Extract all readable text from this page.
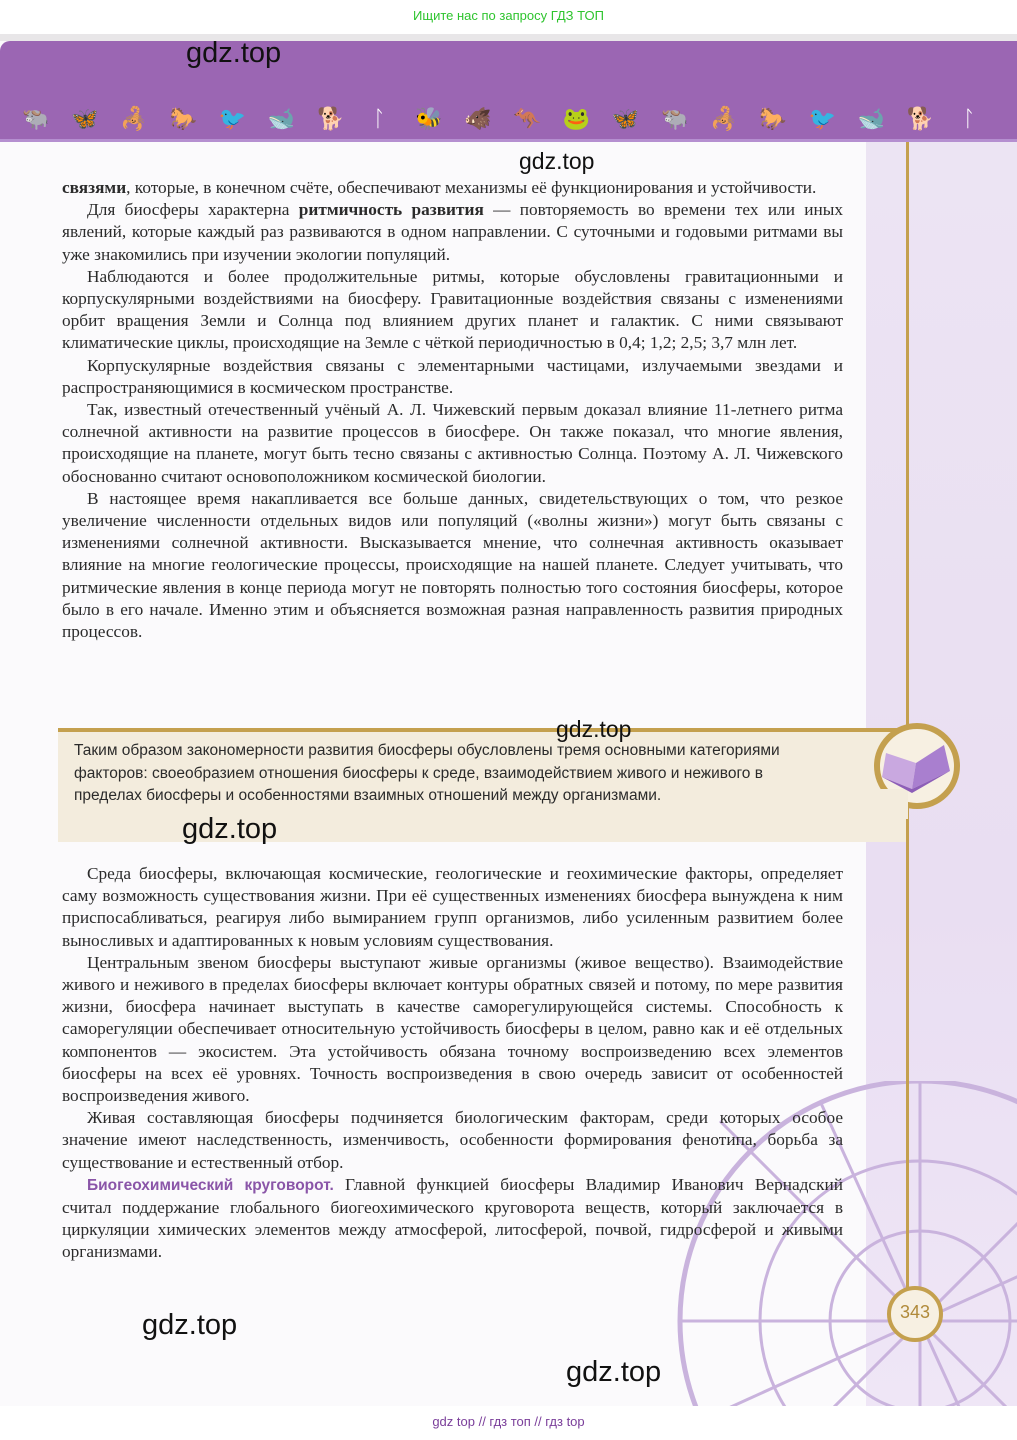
Ищите нас по запросу ГДЗ ТОП
🐃 🦋 🦂 🐎 🐦 🐋 🐕 ᛚ 🐝 🐗 🦘 🐸 🦋 🐃 🦂 🐎 🐦 🐋 🐕 ᛚ
gdz.top
gdz.top

связями, которые, в конечном счёте, обеспечивают механизмы её функционирования и устойчивости.

Для биосферы характерна ритмичность развития — повторяемость во времени тех или иных явлений, которые каждый раз развиваются в одном направлении. С суточными и годовыми ритмами вы уже знакомились при изучении экологии популяций.

Наблюдаются и более продолжительные ритмы, которые обусловлены гравитационными и корпускулярными воздействиями на биосферу. Гравитационные воздействия связаны с изменениями орбит вращения Земли и Солнца под влиянием других планет и галактик. С ними связывают климатические циклы, происходящие на Земле с чёткой периодичностью в 0,4; 1,2; 2,5; 3,7 млн лет.

Корпускулярные воздействия связаны с элементарными частицами, излучаемыми звездами и распространяющимися в космическом пространстве.

Так, известный отечественный учёный А. Л. Чижевский первым доказал влияние 11-летнего ритма солнечной активности на развитие процессов в биосфере. Он также показал, что многие явления, происходящие на планете, могут быть тесно связаны с активностью Солнца. Поэтому А. Л. Чижевского обоснованно считают основоположником космической биологии.

В настоящее время накапливается все больше данных, свидетельствующих о том, что резкое увеличение численности отдельных видов или популяций («волны жизни») могут быть связаны с изменениями солнечной активности. Высказывается мнение, что солнечная активность оказывает влияние на многие геологические процессы, происходящие на нашей планете. Следует учитывать, что ритмические явления в конце периода могут не повторять полностью того состояния биосферы, которое было в его начале. Именно этим и объясняется возможная разная направленность развития природных процессов.

Таким образом закономерности развития биосферы обусловлены тремя основными категориями факторов: своеобразием отношения биосферы к среде, взаимодействием живого и неживого в пределах биосферы и особенностями взаимных отношений между организмами.
gdz.top
gdz.top

Среда биосферы, включающая космические, геологические и геохимические факторы, определяет саму возможность существования жизни. При её существенных изменениях биосфера вынуждена к ним приспосабливаться, реагируя либо вымиранием групп организмов, либо усиленным развитием более выносливых и адаптированных к новым условиям существования.

Центральным звеном биосферы выступают живые организмы (живое вещество). Взаимодействие живого и неживого в пределах биосферы включает контуры обратных связей и потому, по мере развития жизни, биосфера начинает выступать в качестве саморегулирующейся системы. Способность к саморегуляции обеспечивает относительную устойчивость биосферы в целом, равно как и её отдельных компонентов — экосистем. Эта устойчивость обязана точному воспроизведению всех элементов биосферы на всех её уровнях. Точность воспроизведения в свою очередь зависит от особенностей воспроизведения живого.

Живая составляющая биосферы подчиняется биологическим факторам, среди которых особое значение имеют наследственность, изменчивость, особенности формирования фенотипа, борьба за существование и естественный отбор.

Биогеохимический круговорот. Главной функцией биосферы Владимир Иванович Вернадский считал поддержание глобального биогеохимического круговорота веществ, который заключается в циркуляции химических элементов между атмосферой, литосферой, почвой, гидросферой и живыми организмами.

343
gdz.top
gdz.top
gdz top // гдз топ // гдз top
